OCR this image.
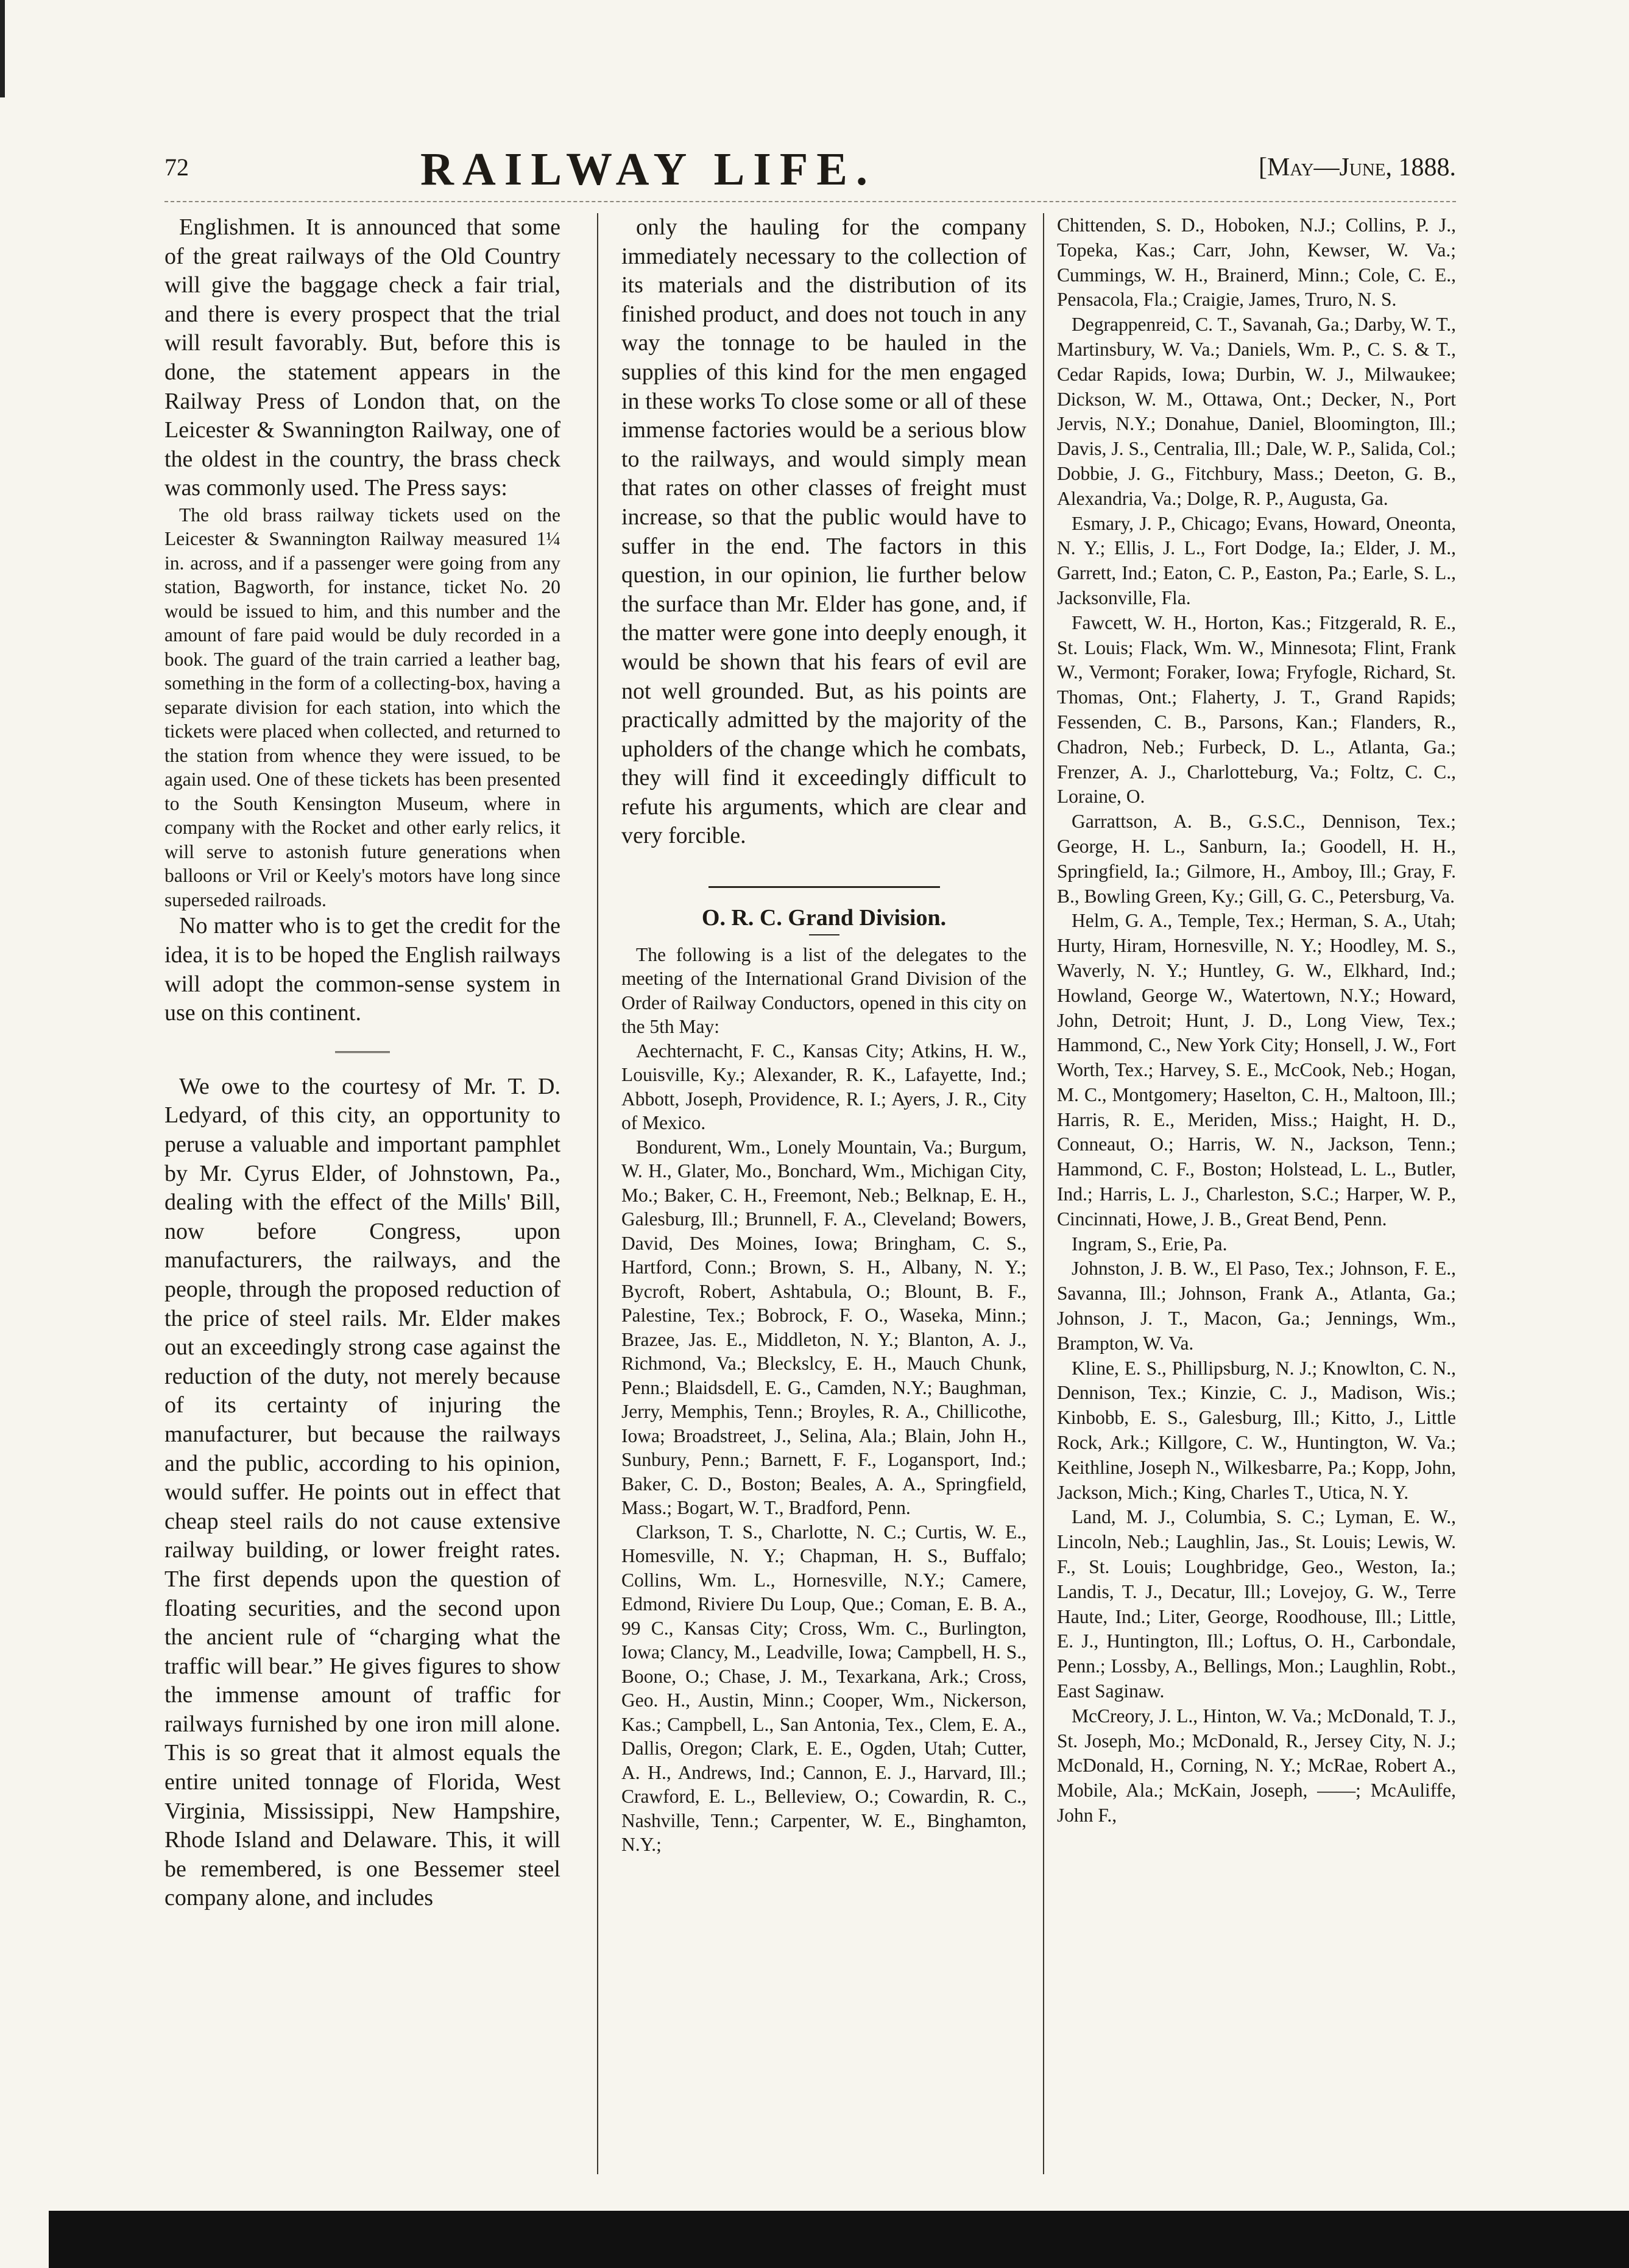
72	RAILWAY LIFE.	[May—June, 1888.

Englishmen. It is announced that some of the great railways of the Old Country will give the baggage check a fair trial, and there is every prospect that the trial will result favorably. But, before this is done, the statement appears in the Railway Press of London that, on the Leicester & Swannington Railway, one of the oldest in the country, the brass check was commonly used. The Press says:

The old brass railway tickets used on the Leicester & Swannington Railway measured 1¼ in. across, and if a passenger were going from any station, Bagworth, for instance, ticket No. 20 would be issued to him, and this number and the amount of fare paid would be duly recorded in a book. The guard of the train carried a leather bag, something in the form of a collecting-box, having a separate division for each station, into which the tickets were placed when collected, and returned to the station from whence they were issued, to be again used. One of these tickets has been presented to the South Kensington Museum, where in company with the Rocket and other early relics, it will serve to astonish future generations when balloons or Vril or Keely's motors have long since superseded railroads.

No matter who is to get the credit for the idea, it is to be hoped the English railways will adopt the common-sense system in use on this continent.

We owe to the courtesy of Mr. T. D. Ledyard, of this city, an opportunity to peruse a valuable and important pamphlet by Mr. Cyrus Elder, of Johnstown, Pa., dealing with the effect of the Mills' Bill, now before Congress, upon manufacturers, the railways, and the people, through the proposed reduction of the price of steel rails. Mr. Elder makes out an exceedingly strong case against the reduction of the duty, not merely because of its certainty of injuring the manufacturer, but because the railways and the public, according to his opinion, would suffer. He points out in effect that cheap steel rails do not cause extensive railway building, or lower freight rates. The first depends upon the question of floating securities, and the second upon the ancient rule of “charging what the traffic will bear.” He gives figures to show the immense amount of traffic for railways furnished by one iron mill alone. This is so great that it almost equals the entire united tonnage of Florida, West Virginia, Mississippi, New Hampshire, Rhode Island and Delaware. This, it will be remembered, is one Bessemer steel company alone, and includes

only the hauling for the company immediately necessary to the collection of its materials and the distribution of its finished product, and does not touch in any way the tonnage to be hauled in the supplies of this kind for the men engaged in these works To close some or all of these immense factories would be a serious blow to the railways, and would simply mean that rates on other classes of freight must increase, so that the public would have to suffer in the end. The factors in this question, in our opinion, lie further below the surface than Mr. Elder has gone, and, if the matter were gone into deeply enough, it would be shown that his fears of evil are not well grounded. But, as his points are practically admitted by the majority of the upholders of the change which he combats, they will find it exceedingly difficult to refute his arguments, which are clear and very forcible.

O. R. C. Grand Division.

The following is a list of the delegates to the meeting of the International Grand Division of the Order of Railway Conductors, opened in this city on the 5th May:

Aechternacht, F. C., Kansas City; Atkins, H. W., Louisville, Ky.; Alexander, R. K., Lafayette, Ind.; Abbott, Joseph, Providence, R. I.; Ayers, J. R., City of Mexico.

Bondurent, Wm., Lonely Mountain, Va.; Burgum, W. H., Glater, Mo., Bonchard, Wm., Michigan City, Mo.; Baker, C. H., Freemont, Neb.; Belknap, E. H., Galesburg, Ill.; Brunnell, F. A., Cleveland; Bowers, David, Des Moines, Iowa; Bringham, C. S., Hartford, Conn.; Brown, S. H., Albany, N. Y.; Bycroft, Robert, Ashtabula, O.; Blount, B. F., Palestine, Tex.; Bobrock, F. O., Waseka, Minn.; Brazee, Jas. E., Middleton, N. Y.; Blanton, A. J., Richmond, Va.; Bleckslcy, E. H., Mauch Chunk, Penn.; Blaidsdell, E. G., Camden, N.Y.; Baughman, Jerry, Memphis, Tenn.; Broyles, R. A., Chillicothe, Iowa; Broadstreet, J., Selina, Ala.; Blain, John H., Sunbury, Penn.; Barnett, F. F., Logansport, Ind.; Baker, C. D., Boston; Beales, A. A., Springfield, Mass.; Bogart, W. T., Bradford, Penn.

Clarkson, T. S., Charlotte, N. C.; Curtis, W. E., Homesville, N. Y.; Chapman, H. S., Buffalo; Collins, Wm. L., Hornesville, N.Y.; Camere, Edmond, Riviere Du Loup, Que.; Coman, E. B. A., 99 C., Kansas City; Cross, Wm. C., Burlington, Iowa; Clancy, M., Leadville, Iowa; Campbell, H. S., Boone, O.; Chase, J. M., Texarkana, Ark.; Cross, Geo. H., Austin, Minn.; Cooper, Wm., Nickerson, Kas.; Campbell, L., San Antonia, Tex., Clem, E. A., Dallis, Oregon; Clark, E. E., Ogden, Utah; Cutter, A. H., Andrews, Ind.; Cannon, E. J., Harvard, Ill.; Crawford, E. L., Belleview, O.; Cowardin, R. C., Nashville, Tenn.; Carpenter, W. E., Binghamton, N.Y.;

Chittenden, S. D., Hoboken, N.J.; Collins, P. J., Topeka, Kas.; Carr, John, Kewser, W. Va.; Cummings, W. H., Brainerd, Minn.; Cole, C. E., Pensacola, Fla.; Craigie, James, Truro, N. S.

Degrappenreid, C. T., Savanah, Ga.; Darby, W. T., Martinsbury, W. Va.; Daniels, Wm. P., C. S. & T., Cedar Rapids, Iowa; Durbin, W. J., Milwaukee; Dickson, W. M., Ottawa, Ont.; Decker, N., Port Jervis, N.Y.; Donahue, Daniel, Bloomington, Ill.; Davis, J. S., Centralia, Ill.; Dale, W. P., Salida, Col.; Dobbie, J. G., Fitchbury, Mass.; Deeton, G. B., Alexandria, Va.; Dolge, R. P., Augusta, Ga.

Esmary, J. P., Chicago; Evans, Howard, Oneonta, N. Y.; Ellis, J. L., Fort Dodge, Ia.; Elder, J. M., Garrett, Ind.; Eaton, C. P., Easton, Pa.; Earle, S. L., Jacksonville, Fla.

Fawcett, W. H., Horton, Kas.; Fitzgerald, R. E., St. Louis; Flack, Wm. W., Minnesota; Flint, Frank W., Vermont; Foraker, Iowa; Fryfogle, Richard, St. Thomas, Ont.; Flaherty, J. T., Grand Rapids; Fessenden, C. B., Parsons, Kan.; Flanders, R., Chadron, Neb.; Furbeck, D. L., Atlanta, Ga.; Frenzer, A. J., Charlotteburg, Va.; Foltz, C. C., Loraine, O.

Garrattson, A. B., G.S.C., Dennison, Tex.; George, H. L., Sanburn, Ia.; Goodell, H. H., Springfield, Ia.; Gilmore, H., Amboy, Ill.; Gray, F. B., Bowling Green, Ky.; Gill, G. C., Petersburg, Va.

Helm, G. A., Temple, Tex.; Herman, S. A., Utah; Hurty, Hiram, Hornesville, N. Y.; Hoodley, M. S., Waverly, N. Y.; Huntley, G. W., Elkhard, Ind.; Howland, George W., Watertown, N.Y.; Howard, John, Detroit; Hunt, J. D., Long View, Tex.; Hammond, C., New York City; Honsell, J. W., Fort Worth, Tex.; Harvey, S. E., McCook, Neb.; Hogan, M. C., Montgomery; Haselton, C. H., Maltoon, Ill.; Harris, R. E., Meriden, Miss.; Haight, H. D., Conneaut, O.; Harris, W. N., Jackson, Tenn.; Hammond, C. F., Boston; Holstead, L. L., Butler, Ind.; Harris, L. J., Charleston, S.C.; Harper, W. P., Cincinnati, Howe, J. B., Great Bend, Penn.

Ingram, S., Erie, Pa.

Johnston, J. B. W., El Paso, Tex.; Johnson, F. E., Savanna, Ill.; Johnson, Frank A., Atlanta, Ga.; Johnson, J. T., Macon, Ga.; Jennings, Wm., Brampton, W. Va.

Kline, E. S., Phillipsburg, N. J.; Knowlton, C. N., Dennison, Tex.; Kinzie, C. J., Madison, Wis.; Kinbobb, E. S., Galesburg, Ill.; Kitto, J., Little Rock, Ark.; Killgore, C. W., Huntington, W. Va.; Keithline, Joseph N., Wilkesbarre, Pa.; Kopp, John, Jackson, Mich.; King, Charles T., Utica, N. Y.

Land, M. J., Columbia, S. C.; Lyman, E. W., Lincoln, Neb.; Laughlin, Jas., St. Louis; Lewis, W. F., St. Louis; Loughbridge, Geo., Weston, Ia.; Landis, T. J., Decatur, Ill.; Lovejoy, G. W., Terre Haute, Ind.; Liter, George, Roodhouse, Ill.; Little, E. J., Huntington, Ill.; Loftus, O. H., Carbondale, Penn.; Lossby, A., Bellings, Mon.; Laughlin, Robt., East Saginaw.

McCreory, J. L., Hinton, W. Va.; McDonald, T. J., St. Joseph, Mo.; McDonald, R., Jersey City, N. J.; McDonald, H., Corning, N. Y.; McRae, Robert A., Mobile, Ala.; McKain, Joseph, ——; McAuliffe, John F.,
